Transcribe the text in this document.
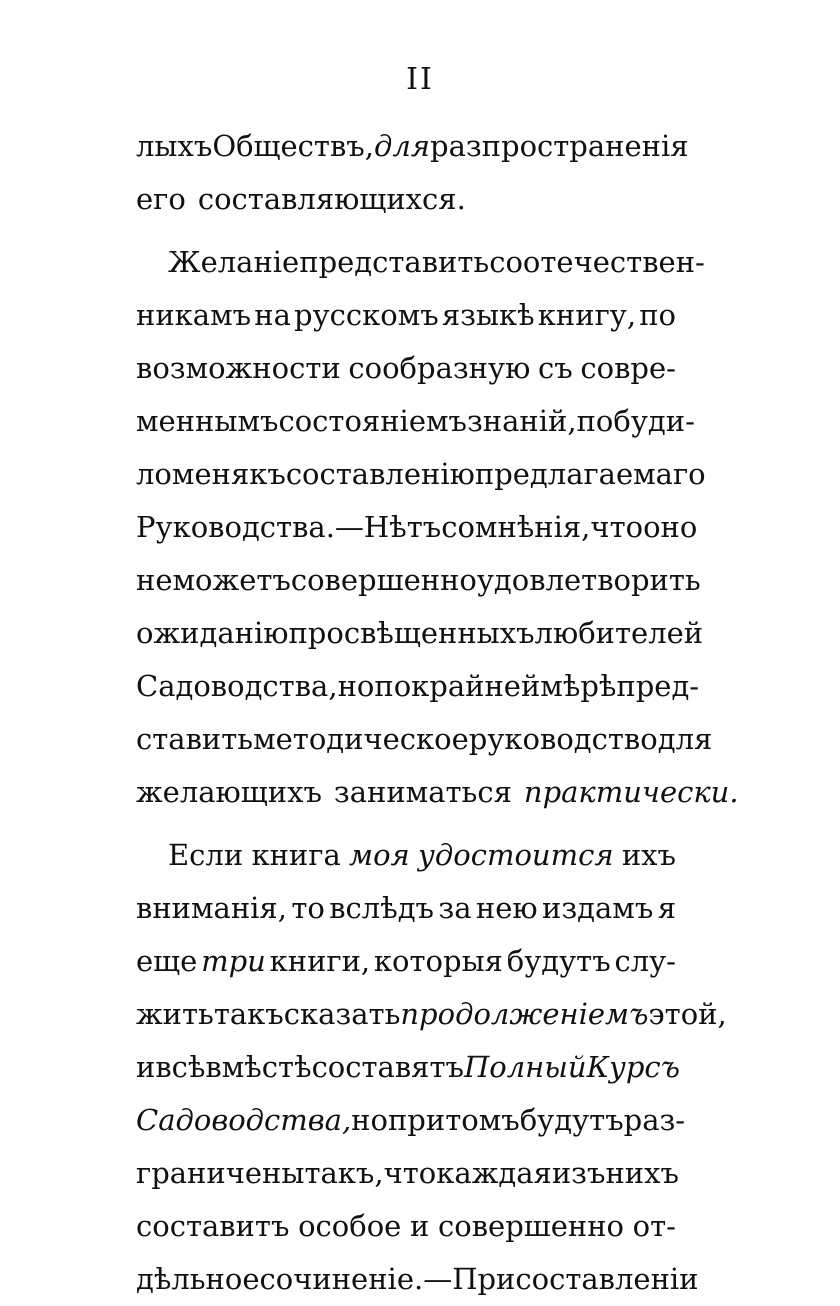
II
лыхъ Обществъ, для разпространенія
его составляющихся.
Желаніе представить соотечествен-
никамъ на русскомъ языкѣ книгу, по
возможности сообразную съ совре-
меннымъ состояніемъ знаній, побуди-
ло меня къ составленію предлагаемаго
Руководства.—Нѣтъ сомнѣнія, что оно
не можетъ совершенно удовлетворить
ожиданію просвѣщенныхъ любителей
Садоводства, но покрайней мѣрѣ пред-
ставить методическое руководство для
желающихъ заниматься практически.
Если книга моя удостоится ихъ
вниманія, то вслѣдъ за нею издамъ я
еще три книги, которыя будутъ слу-
жить такъ сказать продолженіемъ этой,
и всѣ вмѣстѣ составятъ Полный Курсъ
Садоводства, но притомъ будутъ раз-
граничены такъ, что каждая изъ нихъ
составитъ особое и совершенно от-
дѣльное сочиненіе.—При составленіи
